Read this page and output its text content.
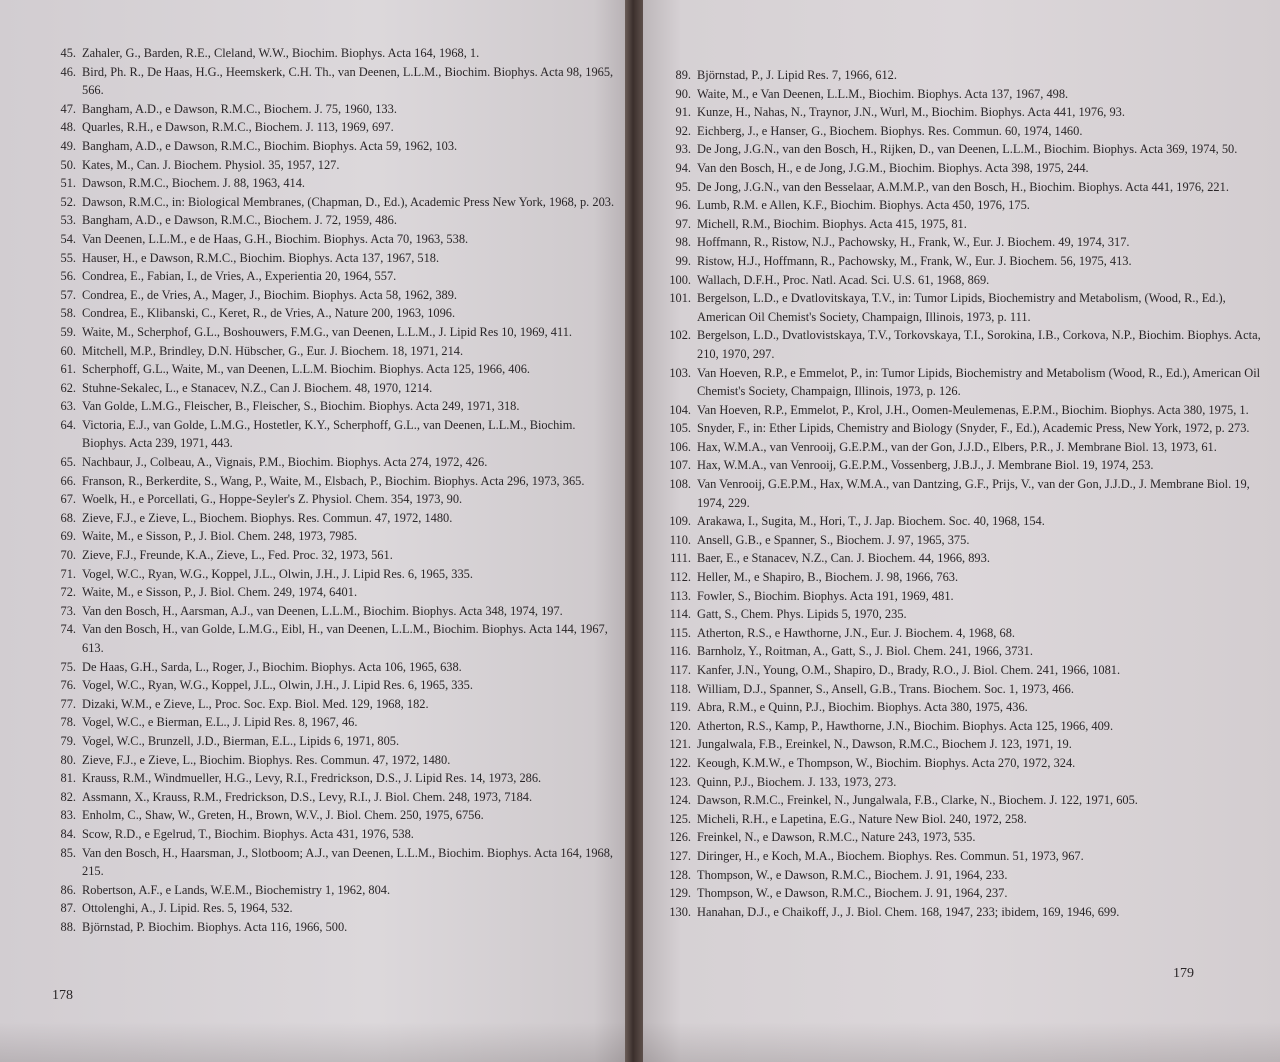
45. Zahaler, G., Barden, R.E., Cleland, W.W., Biochim. Biophys. Acta 164, 1968, 1.
46. Bird, Ph. R., De Haas, H.G., Heemskerk, C.H. Th., van Deenen, L.L.M., Biochim. Biophys. Acta 98, 1965, 566.
47. Bangham, A.D., e Dawson, R.M.C., Biochem. J. 75, 1960, 133.
48. Quarles, R.H., e Dawson, R.M.C., Biochem. J. 113, 1969, 697.
49. Bangham, A.D., e Dawson, R.M.C., Biochim. Biophys. Acta 59, 1962, 103.
50. Kates, M., Can. J. Biochem. Physiol. 35, 1957, 127.
51. Dawson, R.M.C., Biochem. J. 88, 1963, 414.
52. Dawson, R.M.C., in: Biological Membranes, (Chapman, D., Ed.), Academic Press New York, 1968, p. 203.
53. Bangham, A.D., e Dawson, R.M.C., Biochem. J. 72, 1959, 486.
54. Van Deenen, L.L.M., e de Haas, G.H., Biochim. Biophys. Acta 70, 1963, 538.
55. Hauser, H., e Dawson, R.M.C., Biochim. Biophys. Acta 137, 1967, 518.
56. Condrea, E., Fabian, I., de Vries, A., Experientia 20, 1964, 557.
57. Condrea, E., de Vries, A., Mager, J., Biochim. Biophys. Acta 58, 1962, 389.
58. Condrea, E., Klibanski, C., Keret, R., de Vries, A., Nature 200, 1963, 1096.
59. Waite, M., Scherphof, G.L., Boshouwers, F.M.G., van Deenen, L.L.M., J. Lipid Res 10, 1969, 411.
60. Mitchell, M.P., Brindley, D.N. Hübscher, G., Eur. J. Biochem. 18, 1971, 214.
61. Scherphoff, G.L., Waite, M., van Deenen, L.L.M. Biochim. Biophys. Acta 125, 1966, 406.
62. Stuhne-Sekalec, L., e Stanacev, N.Z., Can J. Biochem. 48, 1970, 1214.
63. Van Golde, L.M.G., Fleischer, B., Fleischer, S., Biochim. Biophys. Acta 249, 1971, 318.
64. Victoria, E.J., van Golde, L.M.G., Hostetler, K.Y., Scherphoff, G.L., van Deenen, L.L.M., Biochim. Biophys. Acta 239, 1971, 443.
65. Nachbaur, J., Colbeau, A., Vignais, P.M., Biochim. Biophys. Acta 274, 1972, 426.
66. Franson, R., Berkerdite, S., Wang, P., Waite, M., Elsbach, P., Biochim. Biophys. Acta 296, 1973, 365.
67. Woelk, H., e Porcellati, G., Hoppe-Seyler's Z. Physiol. Chem. 354, 1973, 90.
68. Zieve, F.J., e Zieve, L., Biochem. Biophys. Res. Commun. 47, 1972, 1480.
69. Waite, M., e Sisson, P., J. Biol. Chem. 248, 1973, 7985.
70. Zieve, F.J., Freunde, K.A., Zieve, L., Fed. Proc. 32, 1973, 561.
71. Vogel, W.C., Ryan, W.G., Koppel, J.L., Olwin, J.H., J. Lipid Res. 6, 1965, 335.
72. Waite, M., e Sisson, P., J. Biol. Chem. 249, 1974, 6401.
73. Van den Bosch, H., Aarsman, A.J., van Deenen, L.L.M., Biochim. Biophys. Acta 348, 1974, 197.
74. Van den Bosch, H., van Golde, L.M.G., Eibl, H., van Deenen, L.L.M., Biochim. Biophys. Acta 144, 1967, 613.
75. De Haas, G.H., Sarda, L., Roger, J., Biochim. Biophys. Acta 106, 1965, 638.
76. Vogel, W.C., Ryan, W.G., Koppel, J.L., Olwin, J.H., J. Lipid Res. 6, 1965, 335.
77. Dizaki, W.M., e Zieve, L., Proc. Soc. Exp. Biol. Med. 129, 1968, 182.
78. Vogel, W.C., e Bierman, E.L., J. Lipid Res. 8, 1967, 46.
79. Vogel, W.C., Brunzell, J.D., Bierman, E.L., Lipids 6, 1971, 805.
80. Zieve, F.J., e Zieve, L., Biochim. Biophys. Res. Commun. 47, 1972, 1480.
81. Krauss, R.M., Windmueller, H.G., Levy, R.I., Fredrickson, D.S., J. Lipid Res. 14, 1973, 286.
82. Assmann, X., Krauss, R.M., Fredrickson, D.S., Levy, R.I., J. Biol. Chem. 248, 1973, 7184.
83. Enholm, C., Shaw, W., Greten, H., Brown, W.V., J. Biol. Chem. 250, 1975, 6756.
84. Scow, R.D., e Egelrud, T., Biochim. Biophys. Acta 431, 1976, 538.
85. Van den Bosch, H., Haarsman, J., Slotboom; A.J., van Deenen, L.L.M., Biochim. Biophys. Acta 164, 1968, 215.
86. Robertson, A.F., e Lands, W.E.M., Biochemistry 1, 1962, 804.
87. Ottolenghi, A., J. Lipid. Res. 5, 1964, 532.
88. Björnstad, P. Biochim. Biophys. Acta 116, 1966, 500.
178
89. Björnstad, P., J. Lipid Res. 7, 1966, 612.
90. Waite, M., e Van Deenen, L.L.M., Biochim. Biophys. Acta 137, 1967, 498.
91. Kunze, H., Nahas, N., Traynor, J.N., Wurl, M., Biochim. Biophys. Acta 441, 1976, 93.
92. Eichberg, J., e Hanser, G., Biochem. Biophys. Res. Commun. 60, 1974, 1460.
93. De Jong, J.G.N., van den Bosch, H., Rijken, D., van Deenen, L.L.M., Biochim. Biophys. Acta 369, 1974, 50.
94. Van den Bosch, H., e de Jong, J.G.M., Biochim. Biophys. Acta 398, 1975, 244.
95. De Jong, J.G.N., van den Besselaar, A.M.M.P., van den Bosch, H., Biochim. Biophys. Acta 441, 1976, 221.
96. Lumb, R.M. e Allen, K.F., Biochim. Biophys. Acta 450, 1976, 175.
97. Michell, R.M., Biochim. Biophys. Acta 415, 1975, 81.
98. Hoffmann, R., Ristow, N.J., Pachowsky, H., Frank, W., Eur. J. Biochem. 49, 1974, 317.
99. Ristow, H.J., Hoffmann, R., Pachowsky, M., Frank, W., Eur. J. Biochem. 56, 1975, 413.
100. Wallach, D.F.H., Proc. Natl. Acad. Sci. U.S. 61, 1968, 869.
101. Bergelson, L.D., e Dvatlovitskaya, T.V., in: Tumor Lipids, Biochemistry and Metabolism, (Wood, R., Ed.), American Oil Chemist's Society, Champaign, Illinois, 1973, p. 111.
102. Bergelson, L.D., Dvatlovistskaya, T.V., Torkovskaya, T.I., Sorokina, I.B., Corkova, N.P., Biochim. Biophys. Acta, 210, 1970, 297.
103. Van Hoeven, R.P., e Emmelot, P., in: Tumor Lipids, Biochemistry and Metabolism (Wood, R., Ed.), American Oil Chemist's Society, Champaign, Illinois, 1973, p. 126.
104. Van Hoeven, R.P., Emmelot, P., Krol, J.H., Oomen-Meulemenas, E.P.M., Biochim. Biophys. Acta 380, 1975, 1.
105. Snyder, F., in: Ether Lipids, Chemistry and Biology (Snyder, F., Ed.), Academic Press, New York, 1972, p. 273.
106. Hax, W.M.A., van Venrooij, G.E.P.M., van der Gon, J.J.D., Elbers, P.R., J. Membrane Biol. 13, 1973, 61.
107. Hax, W.M.A., van Venrooij, G.E.P.M., Vossenberg, J.B.J., J. Membrane Biol. 19, 1974, 253.
108. Van Venrooij, G.E.P.M., Hax, W.M.A., van Dantzing, G.F., Prijs, V., van der Gon, J.J.D., J. Membrane Biol. 19, 1974, 229.
109. Arakawa, I., Sugita, M., Hori, T., J. Jap. Biochem. Soc. 40, 1968, 154.
110. Ansell, G.B., e Spanner, S., Biochem. J. 97, 1965, 375.
111. Baer, E., e Stanacev, N.Z., Can. J. Biochem. 44, 1966, 893.
112. Heller, M., e Shapiro, B., Biochem. J. 98, 1966, 763.
113. Fowler, S., Biochim. Biophys. Acta 191, 1969, 481.
114. Gatt, S., Chem. Phys. Lipids 5, 1970, 235.
115. Atherton, R.S., e Hawthorne, J.N., Eur. J. Biochem. 4, 1968, 68.
116. Barnholz, Y., Roitman, A., Gatt, S., J. Biol. Chem. 241, 1966, 3731.
117. Kanfer, J.N., Young, O.M., Shapiro, D., Brady, R.O., J. Biol. Chem. 241, 1966, 1081.
118. William, D.J., Spanner, S., Ansell, G.B., Trans. Biochem. Soc. 1, 1973, 466.
119. Abra, R.M., e Quinn, P.J., Biochim. Biophys. Acta 380, 1975, 436.
120. Atherton, R.S., Kamp, P., Hawthorne, J.N., Biochim. Biophys. Acta 125, 1966, 409.
121. Jungalwala, F.B., Ereinkel, N., Dawson, R.M.C., Biochem J. 123, 1971, 19.
122. Keough, K.M.W., e Thompson, W., Biochim. Biophys. Acta 270, 1972, 324.
123. Quinn, P.J., Biochem. J. 133, 1973, 273.
124. Dawson, R.M.C., Freinkel, N., Jungalwala, F.B., Clarke, N., Biochem. J. 122, 1971, 605.
125. Micheli, R.H., e Lapetina, E.G., Nature New Biol. 240, 1972, 258.
126. Freinkel, N., e Dawson, R.M.C., Nature 243, 1973, 535.
127. Diringer, H., e Koch, M.A., Biochem. Biophys. Res. Commun. 51, 1973, 967.
128. Thompson, W., e Dawson, R.M.C., Biochem. J. 91, 1964, 233.
129. Thompson, W., e Dawson, R.M.C., Biochem. J. 91, 1964, 237.
130. Hanahan, D.J., e Chaikoff, J., J. Biol. Chem. 168, 1947, 233; ibidem, 169, 1946, 699.
179
